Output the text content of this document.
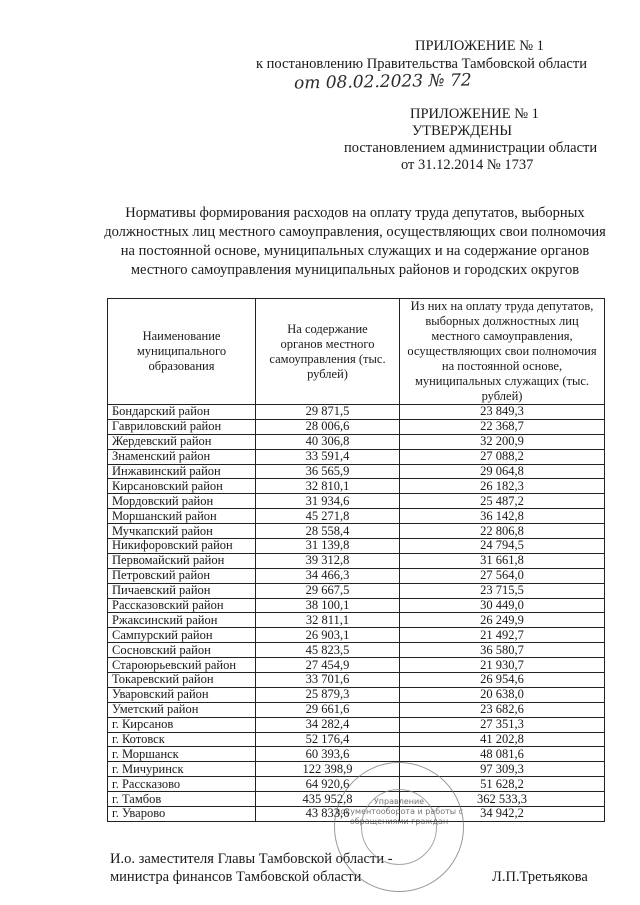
ПРИЛОЖЕНИЕ № 1
к постановлению Правительства Тамбовской области
от 08.02.2023 № 72
ПРИЛОЖЕНИЕ № 1
УТВЕРЖДЕНЫ
постановлением администрации области
от 31.12.2014 № 1737
Нормативы формирования расходов на оплату труда депутатов, выборных должностных лиц местного самоуправления, осуществляющих свои полномочия на постоянной основе, муниципальных служащих и на содержание органов местного самоуправления муниципальных районов и городских округов
Наименование муниципального образования	На содержание органов местного самоуправления (тыс. рублей)	Из них на оплату труда депутатов, выборных должностных лиц местного самоуправления, осуществляющих свои полномочия на постоянной основе, муниципальных служащих (тыс. рублей)
Бондарский район	29 871,5	23 849,3
Гавриловский район	28 006,6	22 368,7
Жердевский район	40 306,8	32 200,9
Знаменский район	33 591,4	27 088,2
Инжавинский район	36 565,9	29 064,8
Кирсановский район	32 810,1	26 182,3
Мордовский район	31 934,6	25 487,2
Моршанский район	45 271,8	36 142,8
Мучкапский район	28 558,4	22 806,8
Никифоровский район	31 139,8	24 794,5
Первомайский район	39 312,8	31 661,8
Петровский район	34 466,3	27 564,0
Пичаевский район	29 667,5	23 715,5
Рассказовский район	38 100,1	30 449,0
Ржаксинский район	32 811,1	26 249,9
Сампурский район	26 903,1	21 492,7
Сосновский район	45 823,5	36 580,7
Староюрьевский район	27 454,9	21 930,7
Токаревский район	33 701,6	26 954,6
Уваровский район	25 879,3	20 638,0
Уметский район	29 661,6	23 682,6
г. Кирсанов	34 282,4	27 351,3
г. Котовск	52 176,4	41 202,8
г. Моршанск	60 393,6	48 081,6
г. Мичуринск	122 398,9	97 309,3
г. Рассказово	64 920,6	51 628,2
г. Тамбов	435 952,8	362 533,3
г. Уварово	43 833,6	34 942,2
И.о. заместителя Главы Тамбовской области -
министра финансов Тамбовской области	Л.П.Третьякова
Управление документооборота и работы с обращениями граждан
